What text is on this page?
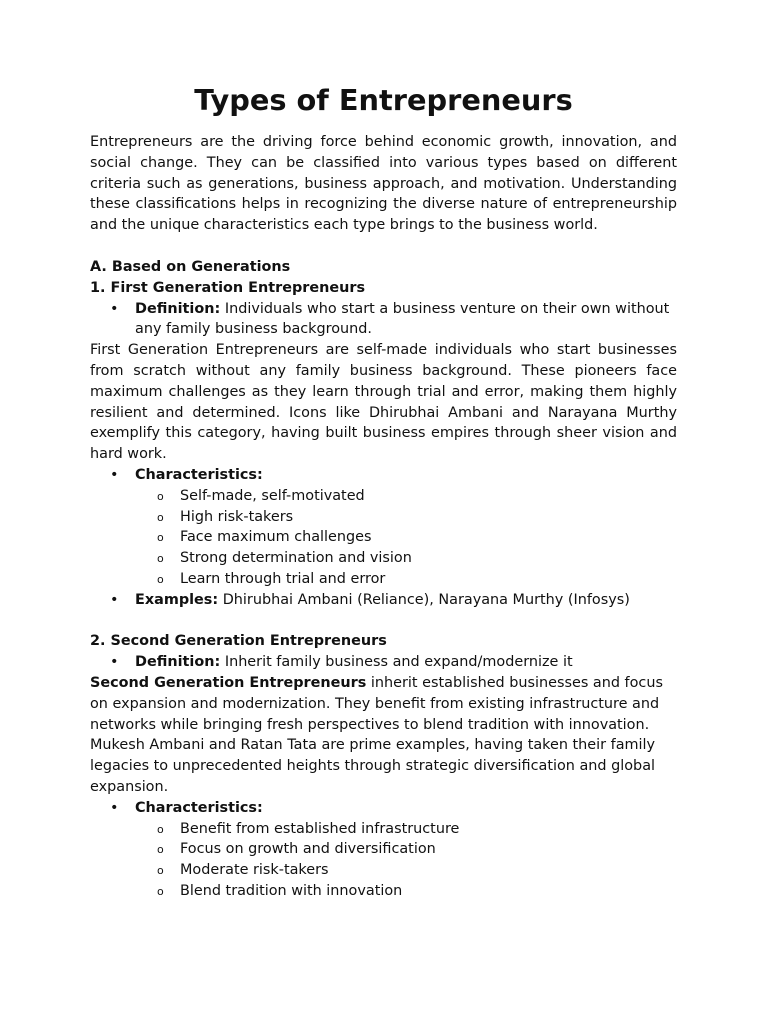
Types of Entrepreneurs

Entrepreneurs are the driving force behind economic growth, innovation, and social change. They can be classified into various types based on different criteria such as generations, business approach, and motivation. Understanding these classifications helps in recognizing the diverse nature of entrepreneurship and the unique characteristics each type brings to the business world.

A. Based on Generations
1. First Generation Entrepreneurs
• Definition: Individuals who start a business venture on their own without any family business background.

First Generation Entrepreneurs are self-made individuals who start businesses from scratch without any family business background. These pioneers face maximum challenges as they learn through trial and error, making them highly resilient and determined. Icons like Dhirubhai Ambani and Narayana Murthy exemplify this category, having built business empires through sheer vision and hard work.

• Characteristics:
o Self-made, self-motivated
o High risk-takers
o Face maximum challenges
o Strong determination and vision
o Learn through trial and error
• Examples: Dhirubhai Ambani (Reliance), Narayana Murthy (Infosys)
2. Second Generation Entrepreneurs
• Definition: Inherit family business and expand/modernize it

Second Generation Entrepreneurs inherit established businesses and focus on expansion and modernization. They benefit from existing infrastructure and networks while bringing fresh perspectives to blend tradition with innovation. Mukesh Ambani and Ratan Tata are prime examples, having taken their family legacies to unprecedented heights through strategic diversification and global expansion.

• Characteristics:
o Benefit from established infrastructure
o Focus on growth and diversification
o Moderate risk-takers
o Blend tradition with innovation
